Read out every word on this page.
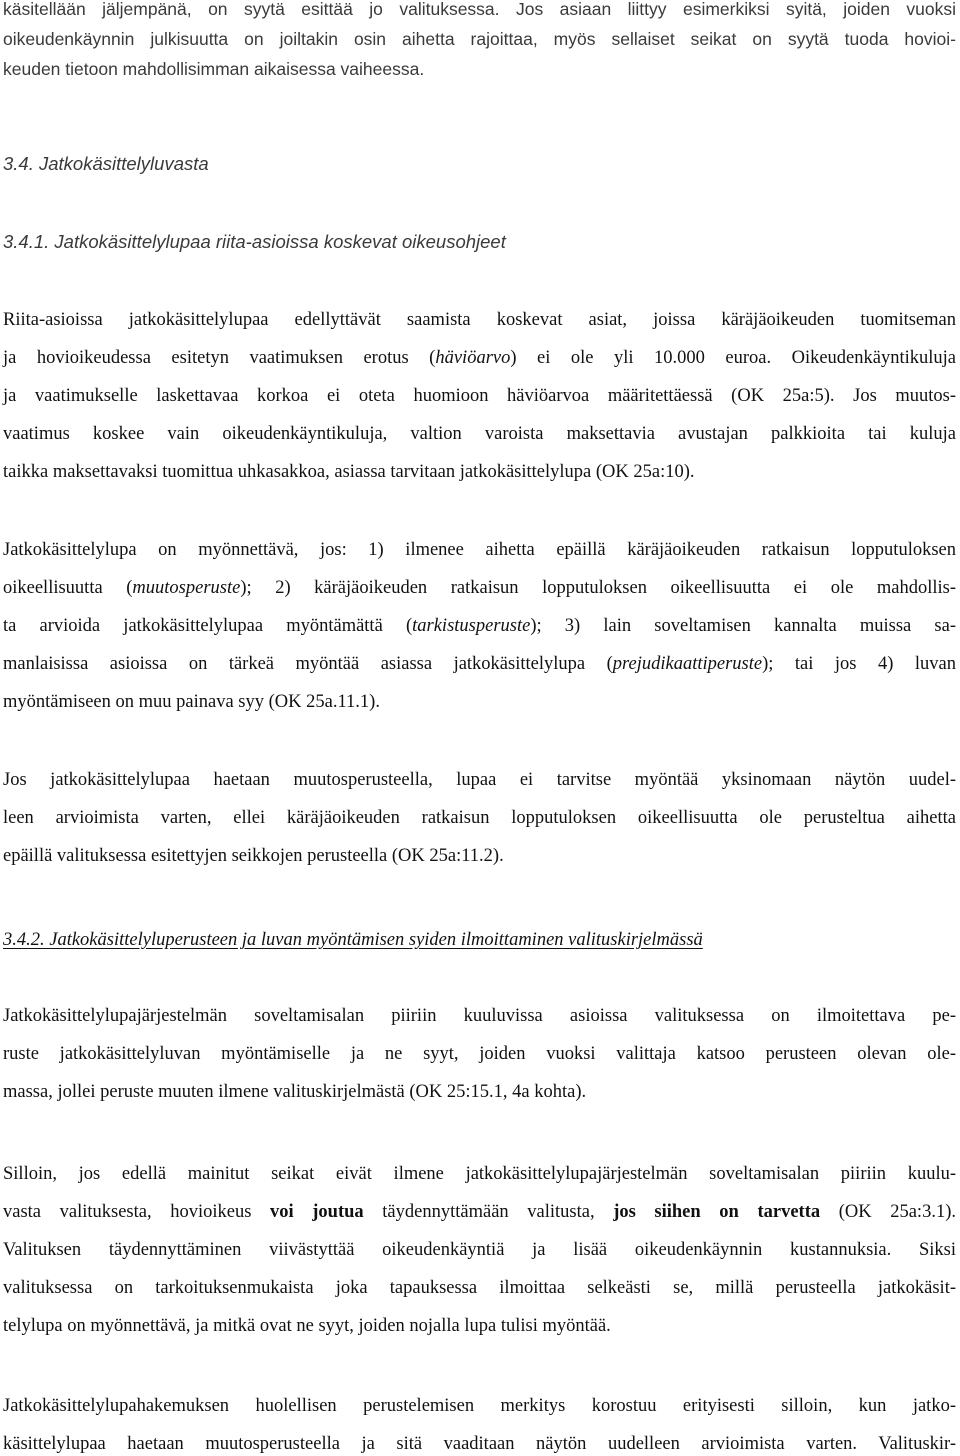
käsitellään jäljempänä, on syytä esittää jo valituksessa. Jos asiaan liittyy esimerkiksi syitä, joiden vuoksi
oikeudenkäynnin julkisuutta on joiltakin osin aihetta rajoittaa, myös sellaiset seikat on syytä tuoda hovioi-
keuden tietoon mahdollisimman aikaisessa vaiheessa.
3.4. Jatkokäsittelyluvasta
3.4.1. Jatkokäsittelylupaa riita-asioissa koskevat oikeusohjeet
Riita-asioissa jatkokäsittelylupaa edellyttävät saamista koskevat asiat, joissa käräjäoikeuden tuomitseman
ja hovioikeudessa esitetyn vaatimuksen erotus (häviöarvo) ei ole yli 10.000 euroa. Oikeudenkäyntikuluja
ja vaatimukselle laskettavaa korkoa ei oteta huomioon häviöarvoa määritettäessä (OK 25a:5). Jos muutos-
vaatimus koskee vain oikeudenkäyntikuluja, valtion varoista maksettavia avustajan palkkioita tai kuluja
taikka maksettavaksi tuomittua uhkasakkoa, asiassa tarvitaan jatkokäsittelylupa (OK 25a:10).
Jatkokäsittelylupa on myönnettävä, jos: 1) ilmenee aihetta epäillä käräjäoikeuden ratkaisun lopputuloksen
oikeellisuutta (muutosperuste); 2) käräjäoikeuden ratkaisun lopputuloksen oikeellisuutta ei ole mahdollis-
ta arvioida jatkokäsittelylupaa myöntämättä (tarkistusperuste); 3) lain soveltamisen kannalta muissa sa-
manlaisissa asioissa on tärkeä myöntää asiassa jatkokäsittelylupa (prejudikaattiperuste); tai jos 4) luvan
myöntämiseen on muu painava syy (OK 25a.11.1).
Jos jatkokäsittelylupaa haetaan muutosperusteella, lupaa ei tarvitse myöntää yksinomaan näytön uudel-
leen arvioimista varten, ellei käräjäoikeuden ratkaisun lopputuloksen oikeellisuutta ole perusteltua aihetta
epäillä valituksessa esitettyjen seikkojen perusteella (OK 25a:11.2).
3.4.2. Jatkokäsittelyluperusteen ja luvan myöntämisen syiden ilmoittaminen valituskirjelmässä
Jatkokäsittelylupajärjestelmän soveltamisalan piiriin kuuluvissa asioissa valituksessa on ilmoitettava pe-
ruste jatkokäsittelyluvan myöntämiselle ja ne syyt, joiden vuoksi valittaja katsoo perusteen olevan ole-
massa, jollei peruste muuten ilmene valituskirjelmästä (OK 25:15.1, 4a kohta).
Silloin, jos edellä mainitut seikat eivät ilmene jatkokäsittelylupajärjestelmän soveltamisalan piiriin kuulu-
vasta valituksesta, hovioikeus voi joutua täydennyttämään valitusta, jos siihen on tarvetta (OK 25a:3.1).
Valituksen täydennyttäminen viivästyttää oikeudenkäyntiä ja lisää oikeudenkäynnin kustannuksia. Siksi
valituksessa on tarkoituksenmukaista joka tapauksessa ilmoittaa selkeästi se, millä perusteella jatkokäsit-
telylupa on myönnettävä, ja mitkä ovat ne syyt, joiden nojalla lupa tulisi myöntää.
Jatkokäsittelylupahakemuksen huolellisen perustelemisen merkitys korostuu erityisesti silloin, kun jatko-
käsittelylupaa haetaan muutosperusteella ja sitä vaaditaan näytön uudelleen arvioimista varten. Valituskir-
